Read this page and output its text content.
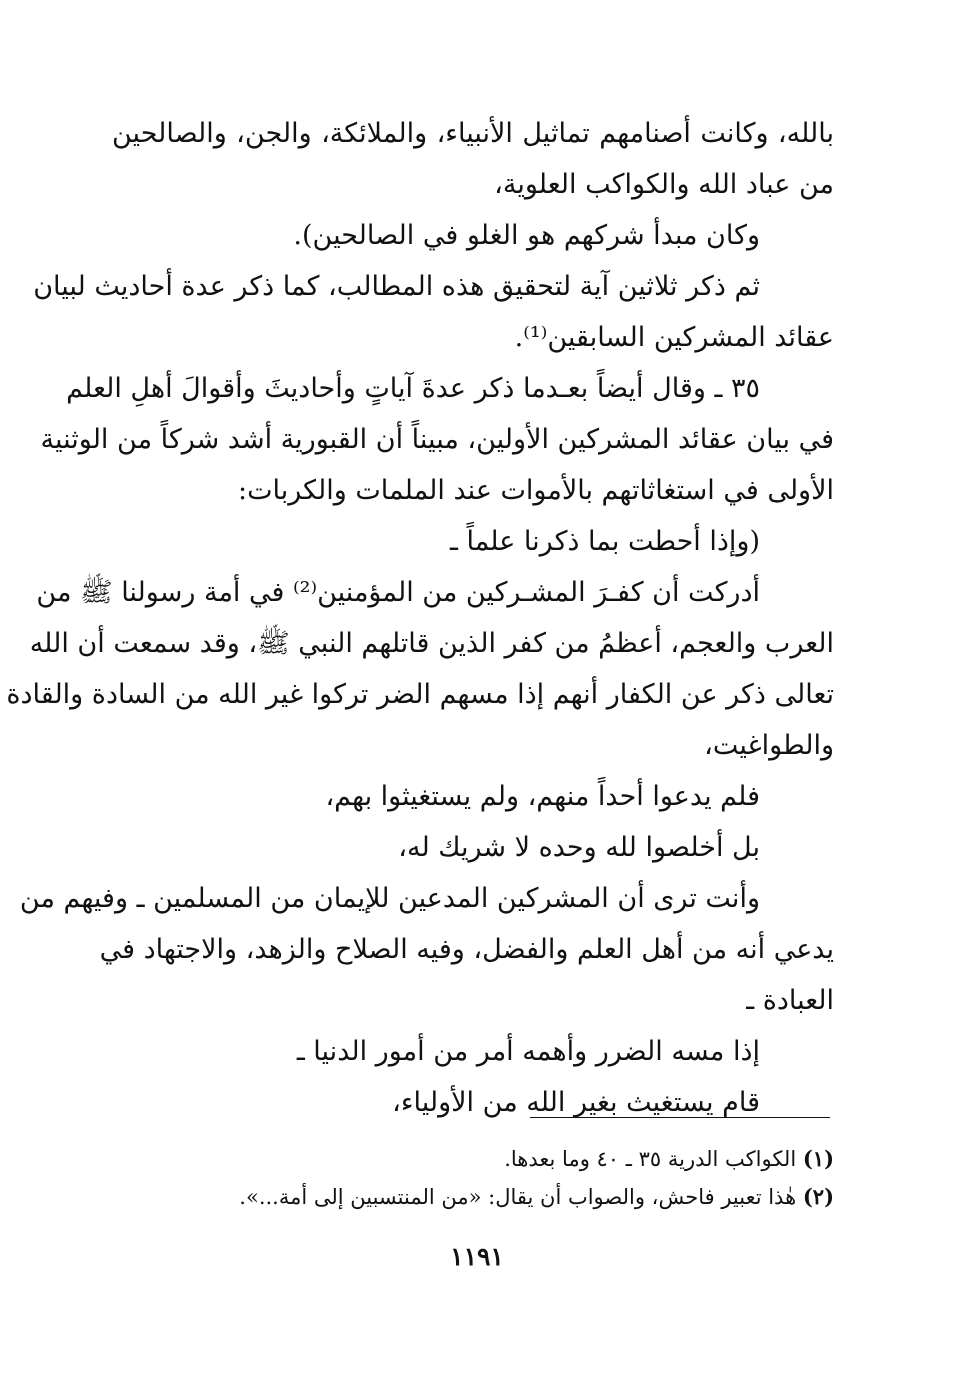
بالله، وكانت أصنامهم تماثيل الأنبياء، والملائكة، والجن، والصالحين
من عباد الله والكواكب العلوية،
وكان مبدأ شركهم هو الغلو في الصالحين).
ثم ذكر ثلاثين آية لتحقيق هذه المطالب، كما ذكر عدة أحاديث لبيان
عقائد المشركين السابقين⁽¹⁾.
٣٥ ـ وقال أيضاً بعـدما ذكر عدةَ آياتٍ وأحاديثَ وأقوالَ أهلِ العلم
في بيان عقائد المشركين الأولين، مبيناً أن القبورية أشد شركاً من الوثنية
الأولى في استغاثاتهم بالأموات عند الملمات والكربات:
(وإذا أحطت بما ذكرنا علماً ـ
أدركت أن كفـرَ المشـركين من المؤمنين⁽²⁾ في أمة رسولنا ﷺ من
العرب والعجم، أعظمُ من كفر الذين قاتلهم النبي ﷺ، وقد سمعت أن الله
تعالى ذكر عن الكفار أنهم إذا مسهم الضر تركوا غير الله من السادة والقادة
والطواغيت،
فلم يدعوا أحداً منهم، ولم يستغيثوا بهم،
بل أخلصوا لله وحده لا شريك له،
وأنت ترى أن المشركين المدعين للإيمان من المسلمين ـ وفيهم من
يدعي أنه من أهل العلم والفضل، وفيه الصلاح والزهد، والاجتهاد في
العبادة ـ
إذا مسه الضرر وأهمه أمر من أمور الدنيا ـ
قام يستغيث بغير الله من الأولياء،
(١) الكواكب الدرية ٣٥ ـ ٤٠ وما بعدها.
(٢) هٰذا تعبير فاحش، والصواب أن يقال: «من المنتسبين إلى أمة...».
١١٩١
